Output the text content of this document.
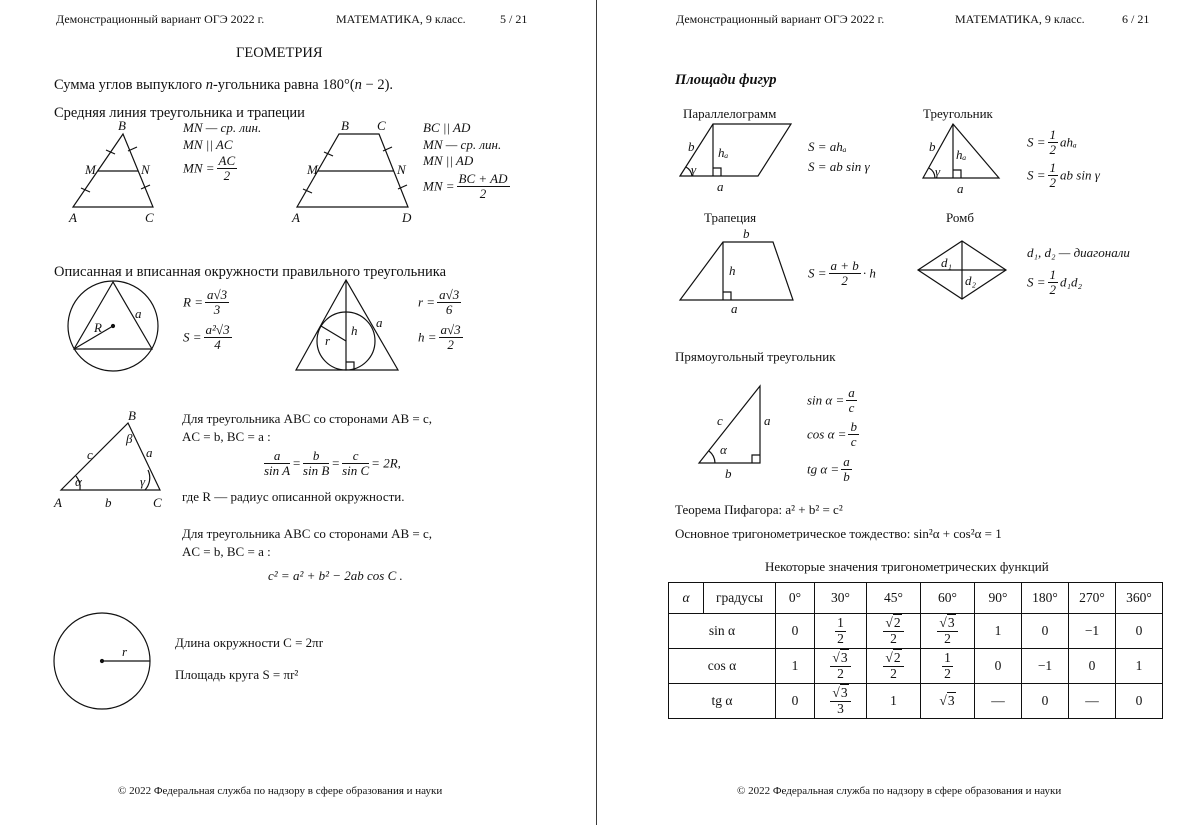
Демонстрационный вариант ОГЭ 2022 г.	МАТЕМАТИКА, 9 класс.	5 / 21
ГЕОМЕТРИЯ
Сумма углов выпуклого n-угольника равна 180°(n − 2).
Средняя линия треугольника и трапеции
B
M	N
A	C
MN — ср. лин.
MN || AC
MN = $\frac{AC}{2}$
B C
M	N
A	D
BC || AD
MN — ср. лин.
MN || AD
MN = $\frac{BC + AD}{2}$
Описанная и вписанная окружности правильного треугольника
R
a
$R = \frac{a√3}{3}$
$S = \frac{\text{a²√3}}{4}$	h
r
a
$r = \frac{a√3}{6}$
$h = \frac{a√3}{2}$
B
A	C
c	a
b
α
β
γ
Для треугольника ABC со сторонами AB = c,
AC = b, BC = a :
$\frac{a}{\text{sin A}} = \frac{b}{\text{sin B}} = \frac{c}{\text{sin C}} = 2R$,
где R — радиус описанной окружности.
Для треугольника ABC со сторонами AB = c,
AC = b, BC = a :
c² = a² + b² − 2ab cos C .
r
Длина окружности C = 2πr
Площадь круга S = πr²
© 2022 Федеральная служба по надзору в сфере образования и науки
Демонстрационный вариант ОГЭ 2022 г.	МАТЕМАТИКА, 9 класс.	6 / 21
Площади фигур
Параллелограмм
b hₐ
γ
a
S = ahₐ
S = ab sin γ
Треугольник
b
hₐ
γ
a
$S = \frac{1}{2}$ ahₐ
$S = \frac{1}{2}$ ab sin γ
Трапеция
b
h
a
$S = \frac{a + b}{2} \cdot h$
Ромб
d₁
d₂
d₁, d₂ — диагонали
$S = \frac{1}{2} d_1d_2$
Прямоугольный треугольник
c	a
b
α
$\sin \alpha = \frac{a}{c}$
$\cos \alpha = \frac{b}{c}$
tg $\alpha = \frac{a}{b}$
Теорема Пифагора: a² + b² = c²
Основное тригонометрическое тождество: sin²α + cos²α = 1
Некоторые значения тригонометрических функций
α	градусы	0°	30°	45°	60°	90°	180°	270°	360°
sin α		0	$\frac{1}{2}$	$\frac{√2}{2}$	$\frac{√3}{2}$	1	0	−1	0
cos α		1	$\frac{√3}{2}$	$\frac{√2}{2}$	$\frac{1}{2}$	0	−1	0	1
tg α		0	$\frac{√3}{3}$	1	√3	—	0	—	0
© 2022 Федеральная служба по надзору в сфере образования и науки
